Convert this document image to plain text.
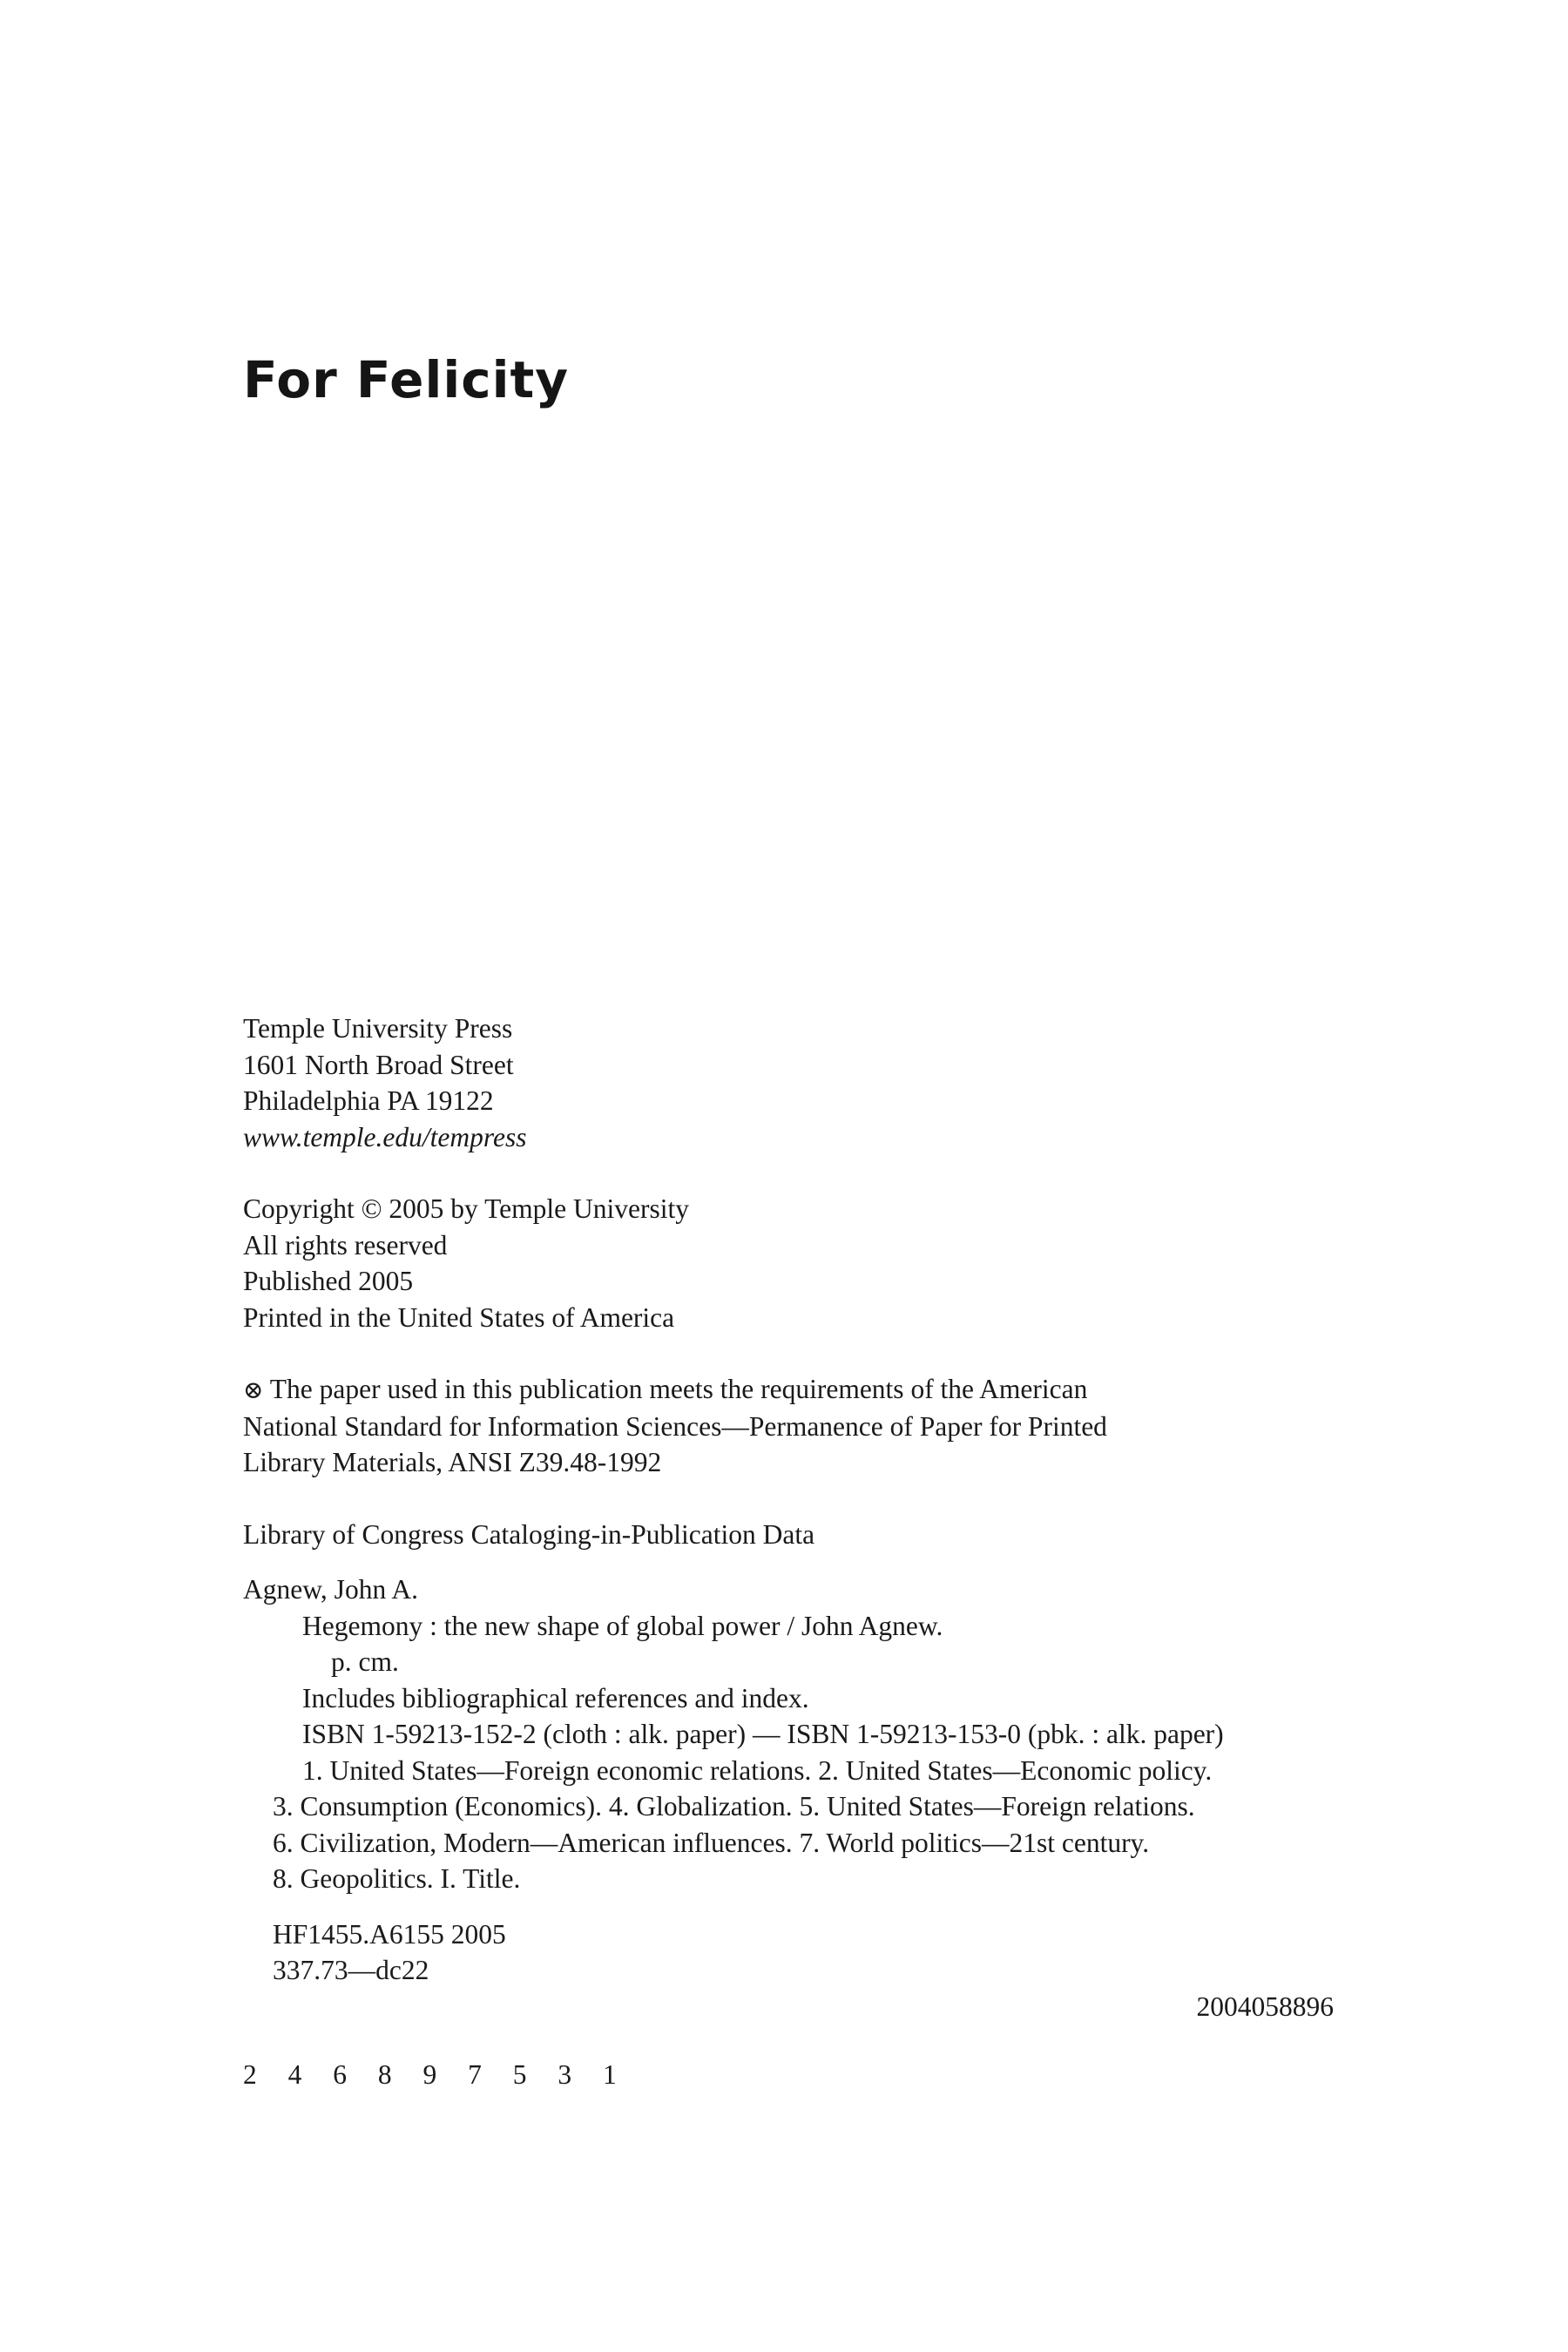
For Felicity
Temple University Press
1601 North Broad Street
Philadelphia PA 19122
www.temple.edu/tempress
Copyright © 2005 by Temple University
All rights reserved
Published 2005
Printed in the United States of America
⊗ The paper used in this publication meets the requirements of the American
National Standard for Information Sciences—Permanence of Paper for Printed
Library Materials, ANSI Z39.48-1992
Library of Congress Cataloging-in-Publication Data
Agnew, John A.
Hegemony : the new shape of global power / John Agnew.
p. cm.
Includes bibliographical references and index.
ISBN 1-59213-152-2 (cloth : alk. paper) — ISBN 1-59213-153-0 (pbk. : alk. paper)
1. United States—Foreign economic relations. 2. United States—Economic policy.
3. Consumption (Economics). 4. Globalization. 5. United States—Foreign relations.
6. Civilization, Modern—American influences. 7. World politics—21st century.
8. Geopolitics. I. Title.
HF1455.A6155 2005
337.73—dc22
2004058896
2 4 6 8 9 7 5 3 1
